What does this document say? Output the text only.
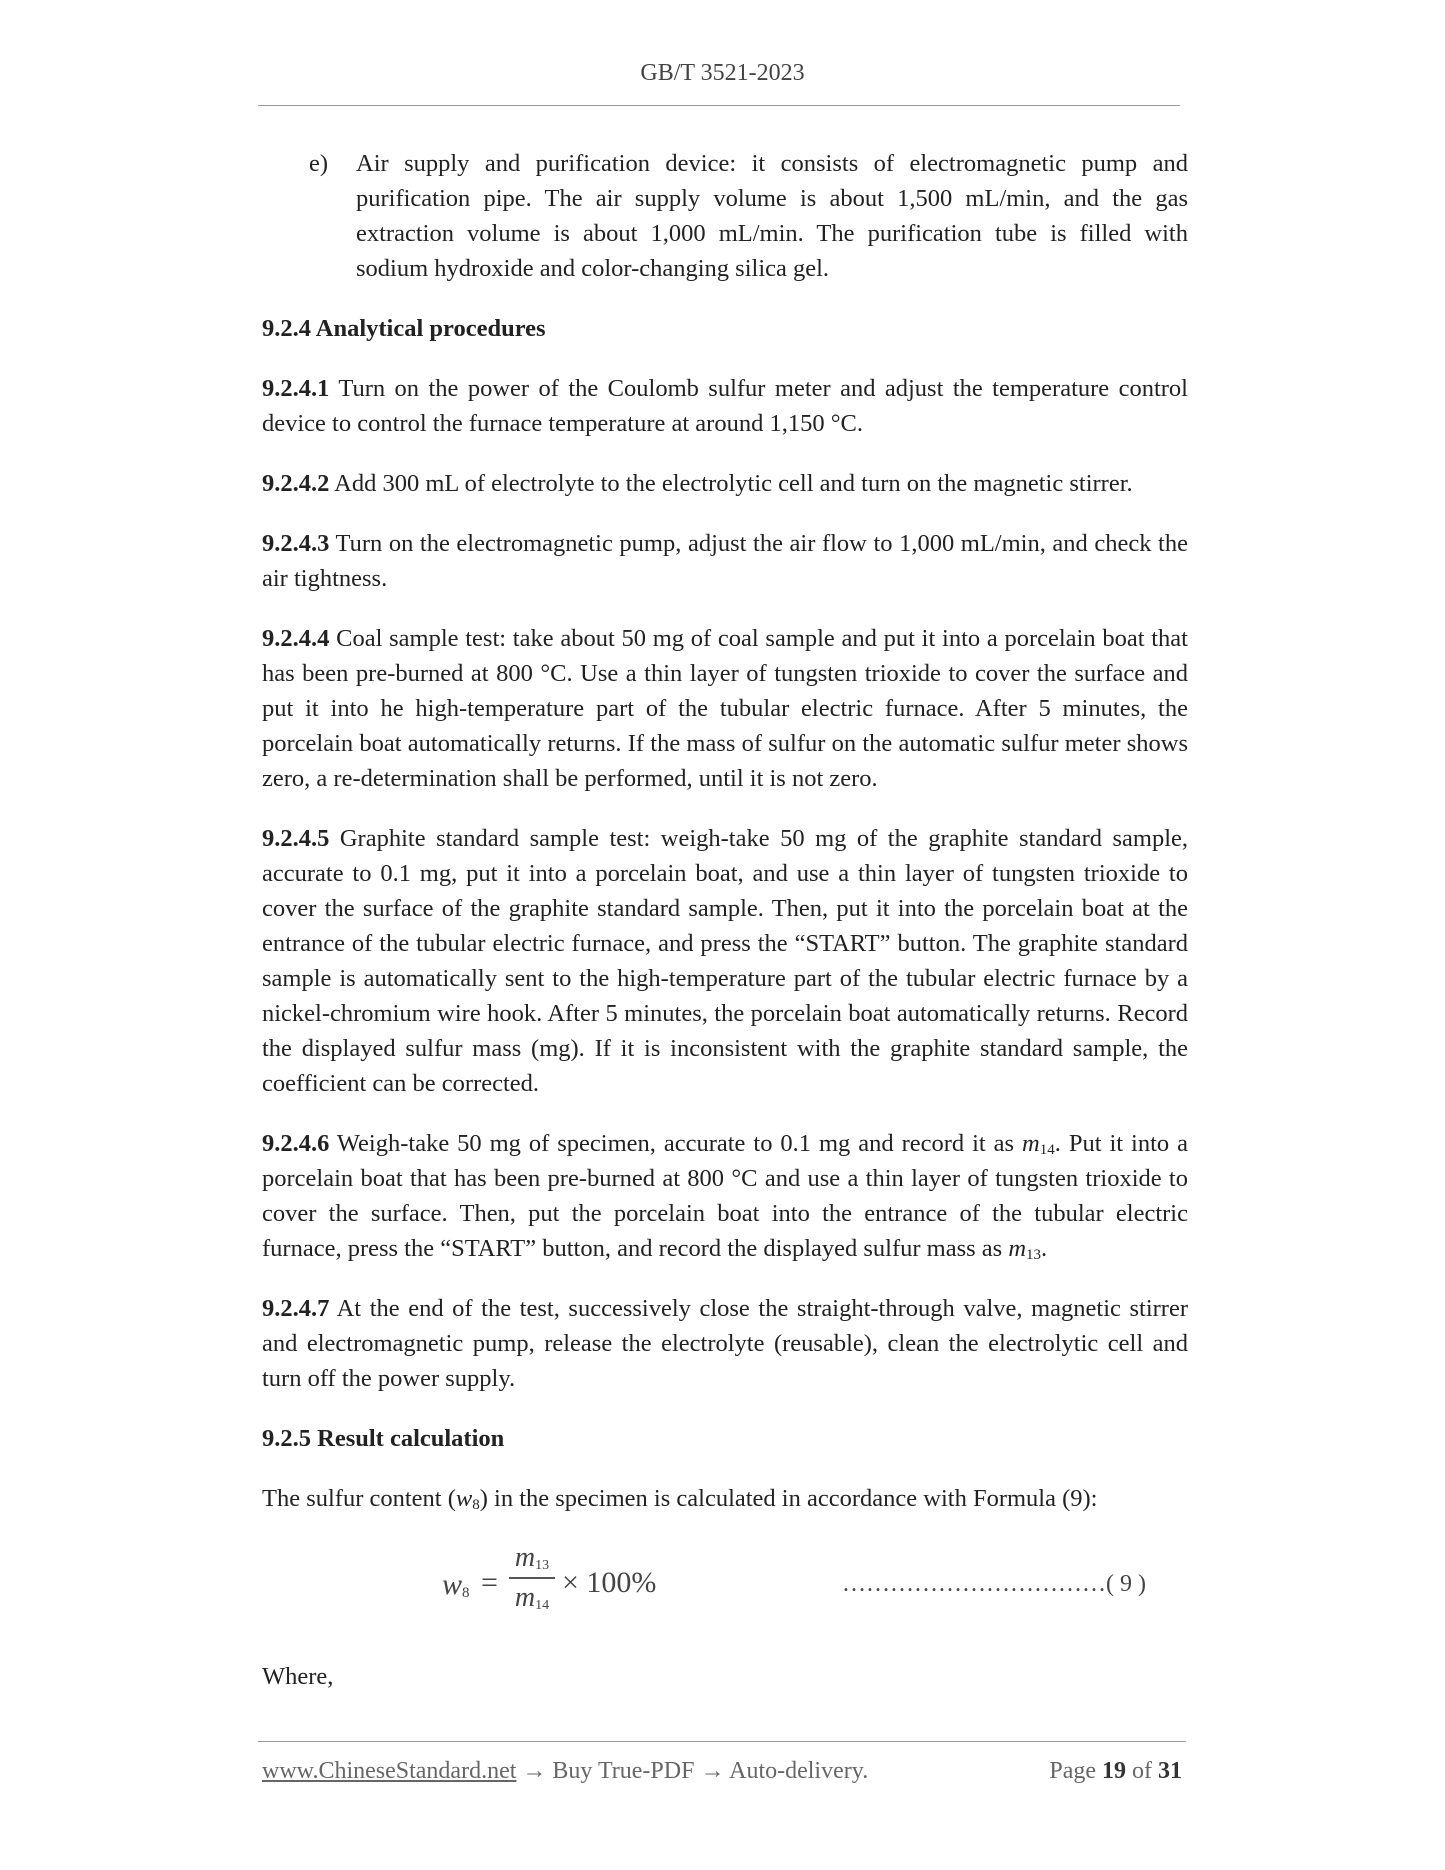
GB/T 3521-2023
e) Air supply and purification device: it consists of electromagnetic pump and purification pipe. The air supply volume is about 1,500 mL/min, and the gas extraction volume is about 1,000 mL/min. The purification tube is filled with sodium hydroxide and color-changing silica gel.
9.2.4 Analytical procedures

9.2.4.1 Turn on the power of the Coulomb sulfur meter and adjust the temperature control device to control the furnace temperature at around 1,150 °C.

9.2.4.2 Add 300 mL of electrolyte to the electrolytic cell and turn on the magnetic stirrer.

9.2.4.3 Turn on the electromagnetic pump, adjust the air flow to 1,000 mL/min, and check the air tightness.

9.2.4.4 Coal sample test: take about 50 mg of coal sample and put it into a porcelain boat that has been pre-burned at 800 °C. Use a thin layer of tungsten trioxide to cover the surface and put it into he high-temperature part of the tubular electric furnace. After 5 minutes, the porcelain boat automatically returns. If the mass of sulfur on the automatic sulfur meter shows zero, a re-determination shall be performed, until it is not zero.

9.2.4.5 Graphite standard sample test: weigh-take 50 mg of the graphite standard sample, accurate to 0.1 mg, put it into a porcelain boat, and use a thin layer of tungsten trioxide to cover the surface of the graphite standard sample. Then, put it into the porcelain boat at the entrance of the tubular electric furnace, and press the “START” button. The graphite standard sample is automatically sent to the high-temperature part of the tubular electric furnace by a nickel-chromium wire hook. After 5 minutes, the porcelain boat automatically returns. Record the displayed sulfur mass (mg). If it is inconsistent with the graphite standard sample, the coefficient can be corrected.

9.2.4.6 Weigh-take 50 mg of specimen, accurate to 0.1 mg and record it as $m_{14}$. Put it into a porcelain boat that has been pre-burned at 800 °C and use a thin layer of tungsten trioxide to cover the surface. Then, put the porcelain boat into the entrance of the tubular electric furnace, press the “START” button, and record the displayed sulfur mass as $m_{13}$.

9.2.4.7 At the end of the test, successively close the straight-through valve, magnetic stirrer and electromagnetic pump, release the electrolyte (reusable), clean the electrolytic cell and turn off the power supply.

9.2.5 Result calculation

The sulfur content $(w_8)$ in the specimen is calculated in accordance with Formula (9):

$w_8$ =
$m_{13}$
$m_{14}$
× 100%	……………………………( 9 )

Where,

www.ChineseStandard.net → Buy True-PDF → Auto-delivery.	Page 19 of 31
